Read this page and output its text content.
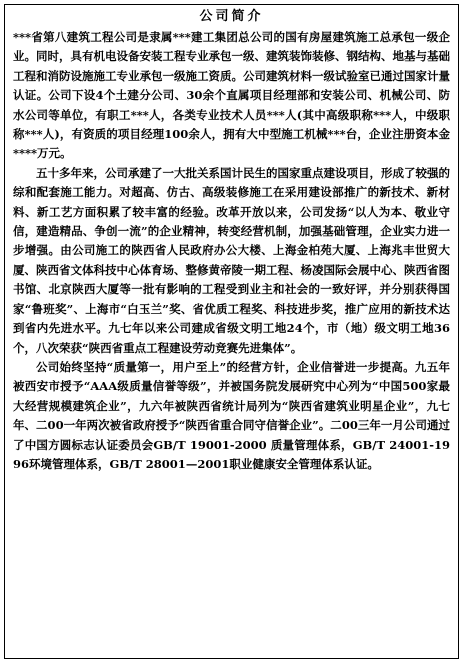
公司简介

***省第八建筑工程公司是隶属***建工集团总公司的国有房屋建筑施工总承包一级企业。同时，具有机电设备安装工程专业承包一级、建筑装饰装修、钢结构、地基与基础工程和消防设施施工专业承包一级施工资质。公司建筑材料一级试验室已通过国家计量认证。公司下设4个土建分公司、30余个直属项目经理部和安装公司、机械公司、防水公司等单位，有职工***人，各类专业技术人员***人(其中高级职称***人，中级职称***人)，有资质的项目经理100余人，拥有大中型施工机械***台，企业注册资本金****万元。

五十多年来，公司承建了一大批关系国计民生的国家重点建设项目，形成了较强的综和配套施工能力。对超高、仿古、高级装修施工在采用建设部推广的新技术、新材料、新工艺方面积累了较丰富的经验。改革开放以来，公司发扬“以人为本、敬业守信，建造精品、争创一流”的企业精神，转变经营机制，加强基础管理，企业实力进一步增强。由公司施工的陕西省人民政府办公大楼、上海金柏苑大厦、上海兆丰世贸大厦、陕西省文体科技中心体育场、整修黄帝陵一期工程、杨凌国际会展中心、陕西省图书馆、北京陕西大厦等一批有影响的工程受到业主和社会的一致好评，并分别获得国家“鲁班奖”、上海市“白玉兰”奖、省优质工程奖、科技进步奖，推广应用的新技术达到省内先进水平。九七年以来公司建成省级文明工地24个，市（地）级文明工地36个，八次荣获“陕西省重点工程建设劳动竞赛先进集体”。

公司始终坚持“质量第一，用户至上”的经营方针，企业信誉进一步提高。九五年被西安市授予“AAA级质量信誉等级”，并被国务院发展研究中心列为“中国500家最大经营规模建筑企业”，九六年被陕西省统计局列为“陕西省建筑业明星企业”，九七年、二00一年两次被省政府授予“陕西省重合同守信誉企业”。二00三年一月公司通过了中国方圆标志认证委员会GB/T 19001-2000 质量管理体系，GB/T 24001-1996环境管理体系，GB/T 28001—2001职业健康安全管理体系认证。
